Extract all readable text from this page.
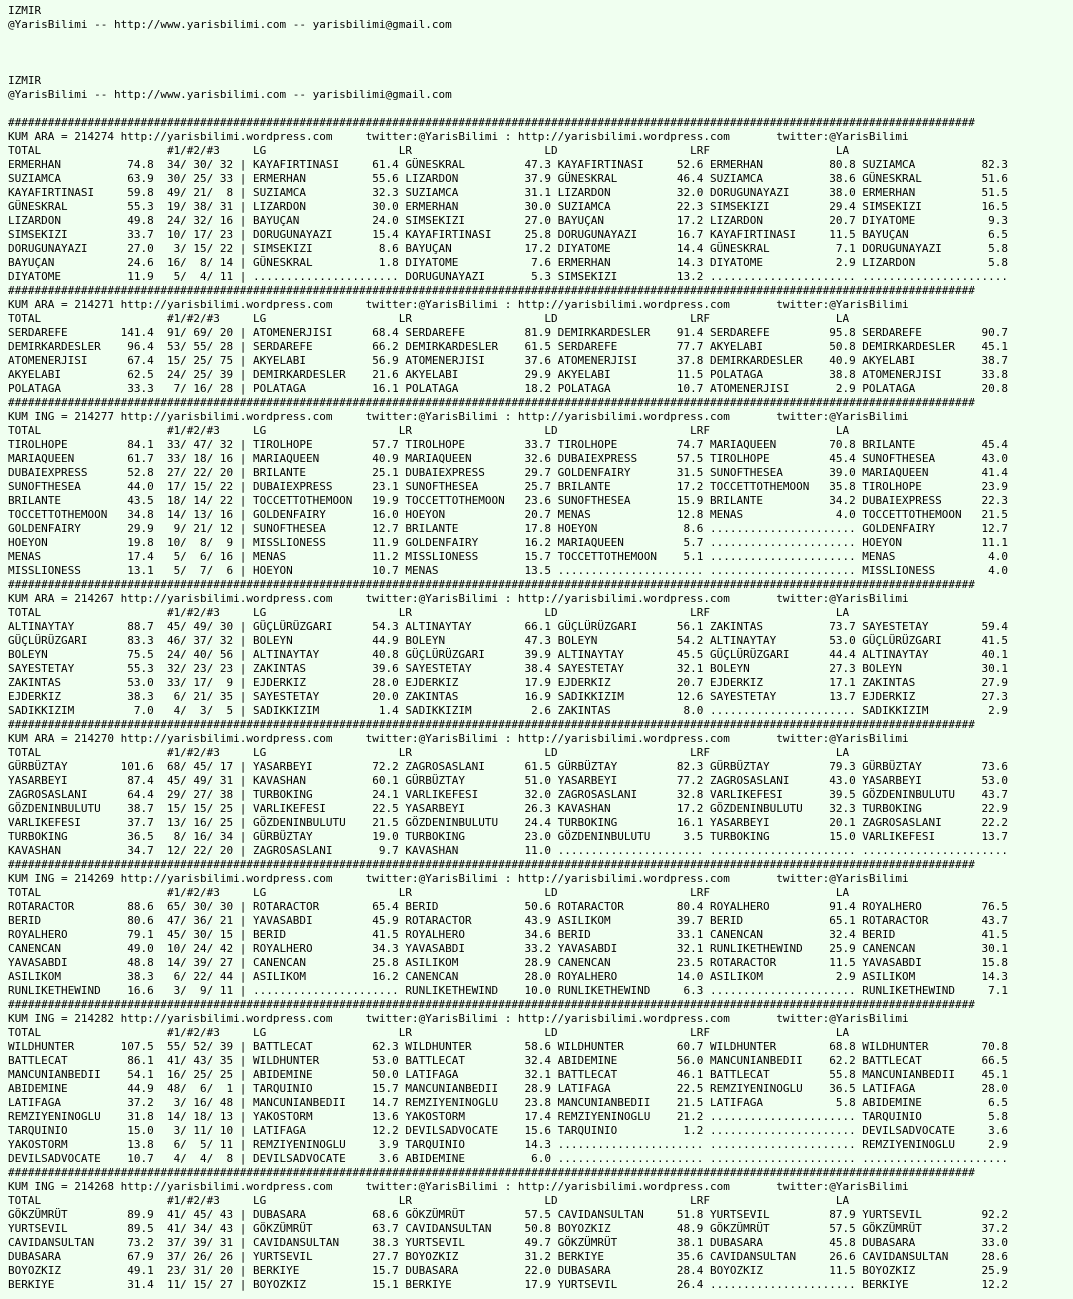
IZMIR
@YarisBilimi -- http://www.yarisbilimi.com -- yarisbilimi@gmail.com

IZMIR
@YarisBilimi -- http://www.yarisbilimi.com -- yarisbilimi@gmail.com

##################################################################################################################################################
KUM ARA = 214274 http://yarisbilimi.wordpress.com     twitter:@YarisBilimi : http://yarisbilimi.wordpress.com       twitter:@YarisBilimi
TOTAL                   #1/#2/#3     LG                    LR                    LD                    LRF                   LA
ERMERHAN          74.8  34/ 30/ 32 | KAYAFIRTINASI     61.4 GÜNESKRAL         47.3 KAYAFIRTINASI     52.6 ERMERHAN          80.8 SUZIAMCA          82.3
SUZIAMCA          63.9  30/ 25/ 33 | ERMERHAN          55.6 LIZARDON          37.9 GÜNESKRAL         46.4 SUZIAMCA          38.6 GÜNESKRAL         51.6
KAYAFIRTINASI     59.8  49/ 21/  8 | SUZIAMCA          32.3 SUZIAMCA          31.1 LIZARDON          32.0 DORUGUNAYAZI      38.0 ERMERHAN          51.5
GÜNESKRAL         55.3  19/ 38/ 31 | LIZARDON          30.0 ERMERHAN          30.0 SUZIAMCA          22.3 SIMSEKIZI         29.4 SIMSEKIZI         16.5
LIZARDON          49.8  24/ 32/ 16 | BAYUÇAN           24.0 SIMSEKIZI         27.0 BAYUÇAN           17.2 LIZARDON          20.7 DIYATOME           9.3
SIMSEKIZI         33.7  10/ 17/ 23 | DORUGUNAYAZI      15.4 KAYAFIRTINASI     25.8 DORUGUNAYAZI      16.7 KAYAFIRTINASI     11.5 BAYUÇAN            6.5
DORUGUNAYAZI      27.0   3/ 15/ 22 | SIMSEKIZI          8.6 BAYUÇAN           17.2 DIYATOME          14.4 GÜNESKRAL          7.1 DORUGUNAYAZI       5.8
BAYUÇAN           24.6  16/  8/ 14 | GÜNESKRAL          1.8 DIYATOME           7.6 ERMERHAN          14.3 DIYATOME           2.9 LIZARDON           5.8
DIYATOME          11.9   5/  4/ 11 | ...................... DORUGUNAYAZI       5.3 SIMSEKIZI         13.2 ...................... ......................
##################################################################################################################################################
KUM ARA = 214271 http://yarisbilimi.wordpress.com     twitter:@YarisBilimi : http://yarisbilimi.wordpress.com       twitter:@YarisBilimi
TOTAL                   #1/#2/#3     LG                    LR                    LD                    LRF                   LA
SERDAREFE        141.4  91/ 69/ 20 | ATOMENERJISI      68.4 SERDAREFE         81.9 DEMIRKARDESLER    91.4 SERDAREFE         95.8 SERDAREFE         90.7
DEMIRKARDESLER    96.4  53/ 55/ 28 | SERDAREFE         66.2 DEMIRKARDESLER    61.5 SERDAREFE         77.7 AKYELABI          50.8 DEMIRKARDESLER    45.1
ATOMENERJISI      67.4  15/ 25/ 75 | AKYELABI          56.9 ATOMENERJISI      37.6 ATOMENERJISI      37.8 DEMIRKARDESLER    40.9 AKYELABI          38.7
AKYELABI          62.5  24/ 25/ 39 | DEMIRKARDESLER    21.6 AKYELABI          29.9 AKYELABI          11.5 POLATAGA          38.8 ATOMENERJISI      33.8
POLATAGA          33.3   7/ 16/ 28 | POLATAGA          16.1 POLATAGA          18.2 POLATAGA          10.7 ATOMENERJISI       2.9 POLATAGA          20.8
##################################################################################################################################################
KUM ING = 214277 http://yarisbilimi.wordpress.com     twitter:@YarisBilimi : http://yarisbilimi.wordpress.com       twitter:@YarisBilimi
TOTAL                   #1/#2/#3     LG                    LR                    LD                    LRF                   LA
TIROLHOPE         84.1  33/ 47/ 32 | TIROLHOPE         57.7 TIROLHOPE         33.7 TIROLHOPE         74.7 MARIAQUEEN        70.8 BRILANTE          45.4
MARIAQUEEN        61.7  33/ 18/ 16 | MARIAQUEEN        40.9 MARIAQUEEN        32.6 DUBAIEXPRESS      57.5 TIROLHOPE         45.4 SUNOFTHESEA       43.0
DUBAIEXPRESS      52.8  27/ 22/ 20 | BRILANTE          25.1 DUBAIEXPRESS      29.7 GOLDENFAIRY       31.5 SUNOFTHESEA       39.0 MARIAQUEEN        41.4
SUNOFTHESEA       44.0  17/ 15/ 22 | DUBAIEXPRESS      23.1 SUNOFTHESEA       25.7 BRILANTE          17.2 TOCCETTOTHEMOON   35.8 TIROLHOPE         23.9
BRILANTE          43.5  18/ 14/ 22 | TOCCETTOTHEMOON   19.9 TOCCETTOTHEMOON   23.6 SUNOFTHESEA       15.9 BRILANTE          34.2 DUBAIEXPRESS      22.3
TOCCETTOTHEMOON   34.8  14/ 13/ 16 | GOLDENFAIRY       16.0 HOEYON            20.7 MENAS             12.8 MENAS              4.0 TOCCETTOTHEMOON   21.5
GOLDENFAIRY       29.9   9/ 21/ 12 | SUNOFTHESEA       12.7 BRILANTE          17.8 HOEYON             8.6 ...................... GOLDENFAIRY       12.7
HOEYON            19.8  10/  8/  9 | MISSLIONESS       11.9 GOLDENFAIRY       16.2 MARIAQUEEN         5.7 ...................... HOEYON            11.1
MENAS             17.4   5/  6/ 16 | MENAS             11.2 MISSLIONESS       15.7 TOCCETTOTHEMOON    5.1 ...................... MENAS              4.0
MISSLIONESS       13.1   5/  7/  6 | HOEYON            10.7 MENAS             13.5 ...................... ...................... MISSLIONESS        4.0
##################################################################################################################################################
KUM ARA = 214267 http://yarisbilimi.wordpress.com     twitter:@YarisBilimi : http://yarisbilimi.wordpress.com       twitter:@YarisBilimi
TOTAL                   #1/#2/#3     LG                    LR                    LD                    LRF                   LA
ALTINAYTAY        88.7  45/ 49/ 30 | GÜÇLÜRÜZGARI      54.3 ALTINAYTAY        66.1 GÜÇLÜRÜZGARI      56.1 ZAKINTAS          73.7 SAYESTETAY        59.4
GÜÇLÜRÜZGARI      83.3  46/ 37/ 32 | BOLEYN            44.9 BOLEYN            47.3 BOLEYN            54.2 ALTINAYTAY        53.0 GÜÇLÜRÜZGARI      41.5
BOLEYN            75.5  24/ 40/ 56 | ALTINAYTAY        40.8 GÜÇLÜRÜZGARI      39.9 ALTINAYTAY        45.5 GÜÇLÜRÜZGARI      44.4 ALTINAYTAY        40.1
SAYESTETAY        55.3  32/ 23/ 23 | ZAKINTAS          39.6 SAYESTETAY        38.4 SAYESTETAY        32.1 BOLEYN            27.3 BOLEYN            30.1
ZAKINTAS          53.0  33/ 17/  9 | EJDERKIZ          28.0 EJDERKIZ          17.9 EJDERKIZ          20.7 EJDERKIZ          17.1 ZAKINTAS          27.9
EJDERKIZ          38.3   6/ 21/ 35 | SAYESTETAY        20.0 ZAKINTAS          16.9 SADIKKIZIM        12.6 SAYESTETAY        13.7 EJDERKIZ          27.3
SADIKKIZIM         7.0   4/  3/  5 | SADIKKIZIM         1.4 SADIKKIZIM         2.6 ZAKINTAS           8.0 ...................... SADIKKIZIM         2.9
##################################################################################################################################################
KUM ARA = 214270 http://yarisbilimi.wordpress.com     twitter:@YarisBilimi : http://yarisbilimi.wordpress.com       twitter:@YarisBilimi
TOTAL                   #1/#2/#3     LG                    LR                    LD                    LRF                   LA
GÜRBÜZTAY        101.6  68/ 45/ 17 | YASARBEYI         72.2 ZAGROSASLANI      61.5 GÜRBÜZTAY         82.3 GÜRBÜZTAY         79.3 GÜRBÜZTAY         73.6
YASARBEYI         87.4  45/ 49/ 31 | KAVASHAN          60.1 GÜRBÜZTAY         51.0 YASARBEYI         77.2 ZAGROSASLANI      43.0 YASARBEYI         53.0
ZAGROSASLANI      64.4  29/ 27/ 38 | TURBOKING         24.1 VARLIKEFESI       32.0 ZAGROSASLANI      32.8 VARLIKEFESI       39.5 GÖZDENINBULUTU    43.7
GÖZDENINBULUTU    38.7  15/ 15/ 25 | VARLIKEFESI       22.5 YASARBEYI         26.3 KAVASHAN          17.2 GÖZDENINBULUTU    32.3 TURBOKING         22.9
VARLIKEFESI       37.7  13/ 16/ 25 | GÖZDENINBULUTU    21.5 GÖZDENINBULUTU    24.4 TURBOKING         16.1 YASARBEYI         20.1 ZAGROSASLANI      22.2
TURBOKING         36.5   8/ 16/ 34 | GÜRBÜZTAY         19.0 TURBOKING         23.0 GÖZDENINBULUTU     3.5 TURBOKING         15.0 VARLIKEFESI       13.7
KAVASHAN          34.7  12/ 22/ 20 | ZAGROSASLANI       9.7 KAVASHAN          11.0 ...................... ...................... ......................
##################################################################################################################################################
KUM ING = 214269 http://yarisbilimi.wordpress.com     twitter:@YarisBilimi : http://yarisbilimi.wordpress.com       twitter:@YarisBilimi
TOTAL                   #1/#2/#3     LG                    LR                    LD                    LRF                   LA
ROTARACTOR        88.6  65/ 30/ 30 | ROTARACTOR        65.4 BERID             50.6 ROTARACTOR        80.4 ROYALHERO         91.4 ROYALHERO         76.5
BERID             80.6  47/ 36/ 21 | YAVASABDI         45.9 ROTARACTOR        43.9 ASILIKOM          39.7 BERID             65.1 ROTARACTOR        43.7
ROYALHERO         79.1  45/ 30/ 15 | BERID             41.5 ROYALHERO         34.6 BERID             33.1 CANENCAN          32.4 BERID             41.5
CANENCAN          49.0  10/ 24/ 42 | ROYALHERO         34.3 YAVASABDI         33.2 YAVASABDI         32.1 RUNLIKETHEWIND    25.9 CANENCAN          30.1
YAVASABDI         48.8  14/ 39/ 27 | CANENCAN          25.8 ASILIKOM          28.9 CANENCAN          23.5 ROTARACTOR        11.5 YAVASABDI         15.8
ASILIKOM          38.3   6/ 22/ 44 | ASILIKOM          16.2 CANENCAN          28.0 ROYALHERO         14.0 ASILIKOM           2.9 ASILIKOM          14.3
RUNLIKETHEWIND    16.6   3/  9/ 11 | ...................... RUNLIKETHEWIND    10.0 RUNLIKETHEWIND     6.3 ...................... RUNLIKETHEWIND     7.1
##################################################################################################################################################
KUM ING = 214282 http://yarisbilimi.wordpress.com     twitter:@YarisBilimi : http://yarisbilimi.wordpress.com       twitter:@YarisBilimi
TOTAL                   #1/#2/#3     LG                    LR                    LD                    LRF                   LA
WILDHUNTER       107.5  55/ 52/ 39 | BATTLECAT         62.3 WILDHUNTER        58.6 WILDHUNTER        60.7 WILDHUNTER        68.8 WILDHUNTER        70.8
BATTLECAT         86.1  41/ 43/ 35 | WILDHUNTER        53.0 BATTLECAT         32.4 ABIDEMINE         56.0 MANCUNIANBEDII    62.2 BATTLECAT         66.5
MANCUNIANBEDII    54.1  16/ 25/ 25 | ABIDEMINE         50.0 LATIFAGA          32.1 BATTLECAT         46.1 BATTLECAT         55.8 MANCUNIANBEDII    45.1
ABIDEMINE         44.9  48/  6/  1 | TARQUINIO         15.7 MANCUNIANBEDII    28.9 LATIFAGA          22.5 REMZIYENINOGLU    36.5 LATIFAGA          28.0
LATIFAGA          37.2   3/ 16/ 48 | MANCUNIANBEDII    14.7 REMZIYENINOGLU    23.8 MANCUNIANBEDII    21.5 LATIFAGA           5.8 ABIDEMINE          6.5
REMZIYENINOGLU    31.8  14/ 18/ 13 | YAKOSTORM         13.6 YAKOSTORM         17.4 REMZIYENINOGLU    21.2 ...................... TARQUINIO          5.8
TARQUINIO         15.0   3/ 11/ 10 | LATIFAGA          12.2 DEVILSADVOCATE    15.6 TARQUINIO          1.2 ...................... DEVILSADVOCATE     3.6
YAKOSTORM         13.8   6/  5/ 11 | REMZIYENINOGLU     3.9 TARQUINIO         14.3 ...................... ...................... REMZIYENINOGLU     2.9
DEVILSADVOCATE    10.7   4/  4/  8 | DEVILSADVOCATE     3.6 ABIDEMINE          6.0 ...................... ...................... ......................
##################################################################################################################################################
KUM ING = 214268 http://yarisbilimi.wordpress.com     twitter:@YarisBilimi : http://yarisbilimi.wordpress.com       twitter:@YarisBilimi
TOTAL                   #1/#2/#3     LG                    LR                    LD                    LRF                   LA
GÖKZÜMRÜT         89.9  41/ 45/ 43 | DUBASARA          68.6 GÖKZÜMRÜT         57.5 CAVIDANSULTAN     51.8 YURTSEVIL         87.9 YURTSEVIL         92.2
YURTSEVIL         89.5  41/ 34/ 43 | GÖKZÜMRÜT         63.7 CAVIDANSULTAN     50.8 BOYOZKIZ          48.9 GÖKZÜMRÜT         57.5 GÖKZÜMRÜT         37.2
CAVIDANSULTAN     73.2  37/ 39/ 31 | CAVIDANSULTAN     38.3 YURTSEVIL         49.7 GÖKZÜMRÜT         38.1 DUBASARA          45.8 DUBASARA          33.0
DUBASARA          67.9  37/ 26/ 26 | YURTSEVIL         27.7 BOYOZKIZ          31.2 BERKIYE           35.6 CAVIDANSULTAN     26.6 CAVIDANSULTAN     28.6
BOYOZKIZ          49.1  23/ 31/ 20 | BERKIYE           15.7 DUBASARA          22.0 DUBASARA          28.4 BOYOZKIZ          11.5 BOYOZKIZ          25.9
BERKIYE           31.4  11/ 15/ 27 | BOYOZKIZ          15.1 BERKIYE           17.9 YURTSEVIL         26.4 ...................... BERKIYE           12.2
